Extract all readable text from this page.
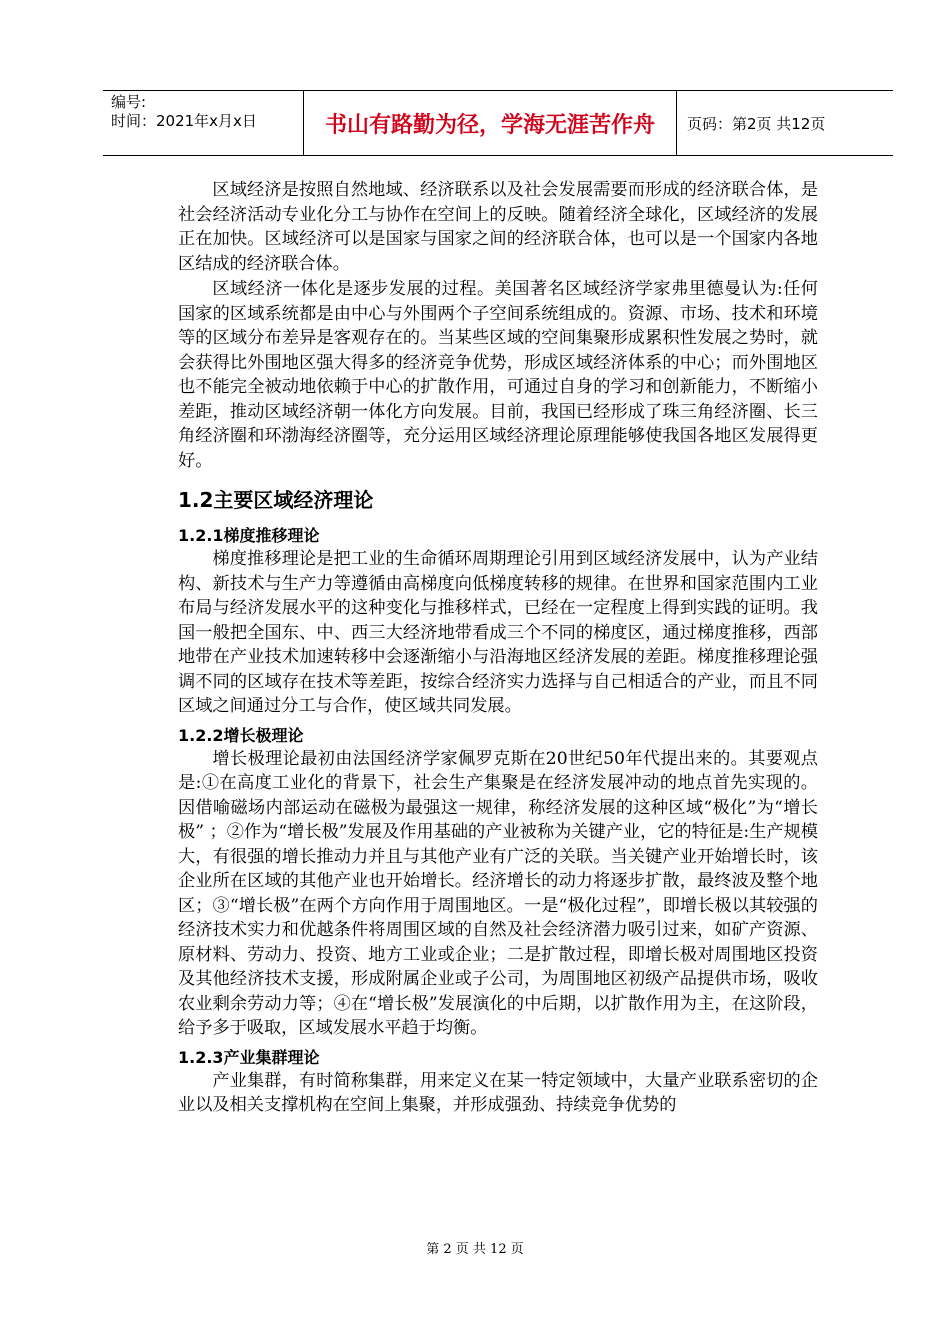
编号:
时间：2021年x月x日	书山有路勤为径，学海无涯苦作舟	页码：第2页 共12页

区域经济是按照自然地域、经济联系以及社会发展需要而形成的经济联合体，是社会经济活动专业化分工与协作在空间上的反映。随着经济全球化，区域经济的发展正在加快。区域经济可以是国家与国家之间的经济联合体，也可以是一个国家内各地区结成的经济联合体。

区域经济一体化是逐步发展的过程。美国著名区域经济学家弗里德曼认为:任何国家的区域系统都是由中心与外围两个子空间系统组成的。资源、市场、技术和环境等的区域分布差异是客观存在的。当某些区域的空间集聚形成累积性发展之势时，就会获得比外围地区强大得多的经济竞争优势，形成区域经济体系的中心；而外围地区也不能完全被动地依赖于中心的扩散作用，可通过自身的学习和创新能力，不断缩小差距，推动区域经济朝一体化方向发展。目前，我国已经形成了珠三角经济圈、长三角经济圈和环渤海经济圈等，充分运用区域经济理论原理能够使我国各地区发展得更好。

1.2主要区域经济理论
1.2.1梯度推移理论

梯度推移理论是把工业的生命循环周期理论引用到区域经济发展中，认为产业结构、新技术与生产力等遵循由高梯度向低梯度转移的规律。在世界和国家范围内工业布局与经济发展水平的这种变化与推移样式，已经在一定程度上得到实践的证明。我国一般把全国东、中、西三大经济地带看成三个不同的梯度区，通过梯度推移，西部地带在产业技术加速转移中会逐渐缩小与沿海地区经济发展的差距。梯度推移理论强调不同的区域存在技术等差距，按综合经济实力选择与自己相适合的产业，而且不同区域之间通过分工与合作，使区域共同发展。

1.2.2增长极理论

增长极理论最初由法国经济学家佩罗克斯在20世纪50年代提出来的。其要观点是:①在高度工业化的背景下，社会生产集聚是在经济发展冲动的地点首先实现的。因借喻磁场内部运动在磁极为最强这一规律，称经济发展的这种区域“极化”为“增长极” ；②作为“增长极”发展及作用基础的产业被称为关键产业，它的特征是:生产规模大，有很强的增长推动力并且与其他产业有广泛的关联。当关键产业开始增长时，该企业所在区域的其他产业也开始增长。经济增长的动力将逐步扩散，最终波及整个地区；③“增长极”在两个方向作用于周围地区。一是“极化过程”，即增长极以其较强的经济技术实力和优越条件将周围区域的自然及社会经济潜力吸引过来，如矿产资源、原材料、劳动力、投资、地方工业或企业；二是扩散过程，即增长极对周围地区投资及其他经济技术支援，形成附属企业或子公司，为周围地区初级产品提供市场，吸收农业剩余劳动力等；④在“增长极”发展演化的中后期，以扩散作用为主，在这阶段，给予多于吸取，区域发展水平趋于均衡。

1.2.3产业集群理论

产业集群，有时简称集群，用来定义在某一特定领域中，大量产业联系密切的企业以及相关支撑机构在空间上集聚，并形成强劲、持续竞争优势的

第 2 页 共 12 页
